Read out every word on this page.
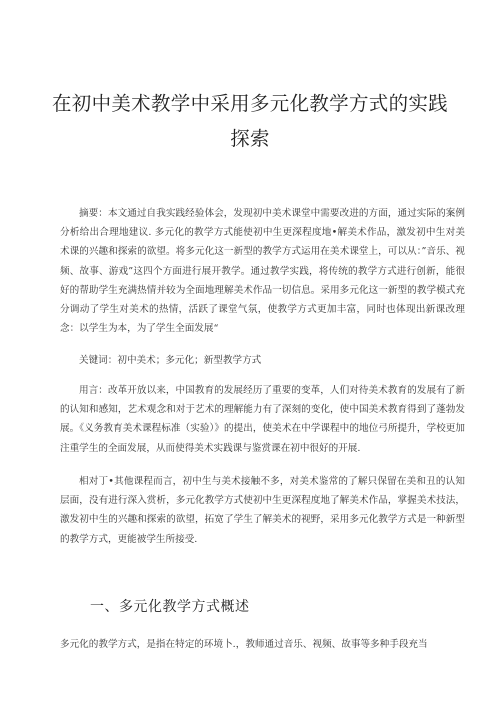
在初中美术教学中采用多元化教学方式的实践
探索

摘要：本文通过自我实践经验体会，发现初中美术课堂中需要改进的方面，通过实际的案例分析给出合理地建议. 多元化的教学方式能使初中生更深程度地•解美术作品，激发初中生对美术课的兴趣和探索的欲望。将多元化这一新型的教学方式运用在美术课堂上，可以从：”音乐、视频、故事、游戏”这四个方面进行展开教学。通过教学实践，将传统的教学方式进行创新，能很好的帮助学生充满热情并较为全面地理解美术作品一切信息。采用多元化这一新型的教学模式充分调动了学生对美术的热情，活跃了课堂气氛，使教学方式更加丰富，同时也体现出新课改理念：以学生为本，为了学生全面发展“

关键词：初中美术；多元化；新型教学方式

用言：改革开放以来，中国教育的发展经历了重要的变革，人们对待美术教育的发展有了新的认知和感知，艺术观念和对于艺术的理解能力有了深刻的变化，使中国美术教育得到了蓬勃发展。《义务教育美术课程标准（实验）》的提出，使美术在中学课程中的地位弓所提升，学校更加注重学生的全面发展，从而使得美术实践课与鉴赏课在初中很好的开展.

相对丁•其他课程而言，初中生与美术接触不多，对美术鉴常的了解只保留在美和丑的认知层面，没有进行深入赏析，多元化教学方式使初中生更深程度地了解美术作品，掌握美术技法，激发初中生的兴趣和探索的欲望，拓宽了学生了解美术的视野，采用多元化教学方式是一种新型的教学方式，更能被学生所接受.

一、多元化教学方式概述

多元化的教学方式，是指在特定的环境卜.，教师通过音乐、视频、故事等多种手段充当
